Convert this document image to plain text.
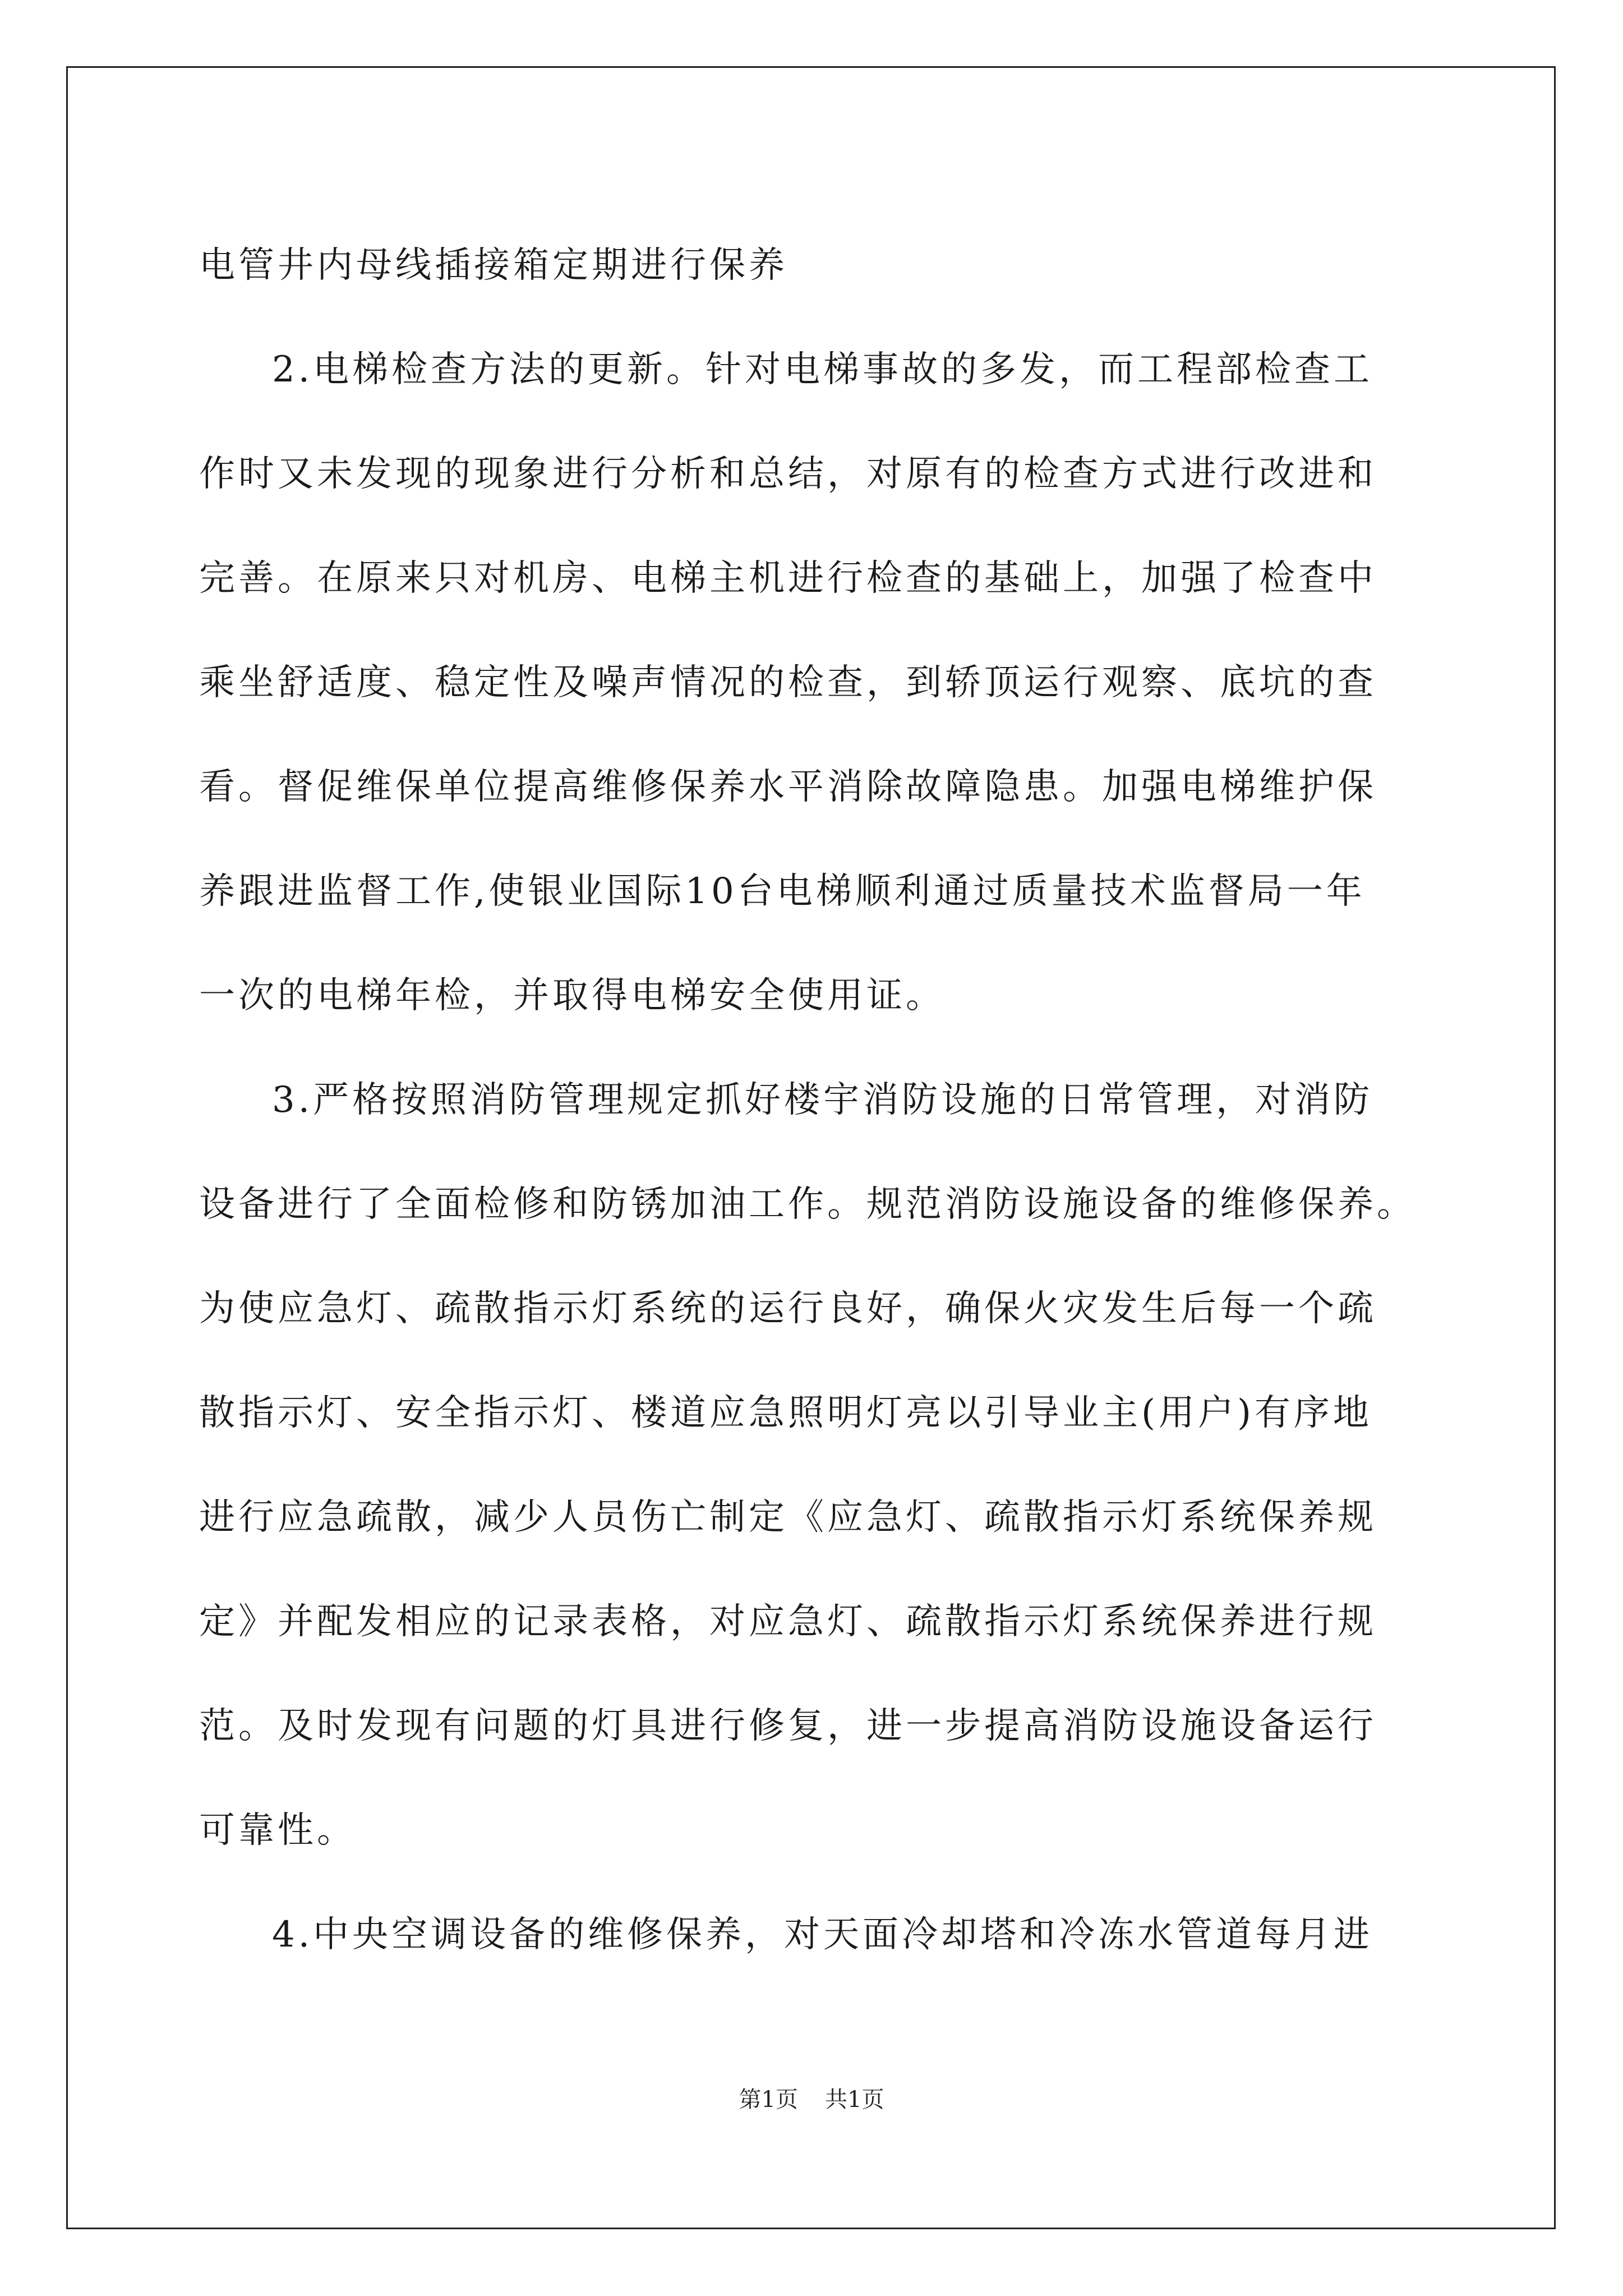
电管井内母线插接箱定期进行保养
2.电梯检查方法的更新。针对电梯事故的多发，而工程部检查工
作时又未发现的现象进行分析和总结，对原有的检查方式进行改进和
完善。在原来只对机房、电梯主机进行检查的基础上，加强了检查中
乘坐舒适度、稳定性及噪声情况的检查，到轿顶运行观察、底坑的查
看。督促维保单位提高维修保养水平消除故障隐患。加强电梯维护保
养跟进监督工作,使银业国际10台电梯顺利通过质量技术监督局一年
一次的电梯年检，并取得电梯安全使用证。
3.严格按照消防管理规定抓好楼宇消防设施的日常管理，对消防
设备进行了全面检修和防锈加油工作。规范消防设施设备的维修保养。
为使应急灯、疏散指示灯系统的运行良好，确保火灾发生后每一个疏
散指示灯、安全指示灯、楼道应急照明灯亮以引导业主(用户)有序地
进行应急疏散，减少人员伤亡制定《应急灯、疏散指示灯系统保养规
定》并配发相应的记录表格，对应急灯、疏散指示灯系统保养进行规
范。及时发现有问题的灯具进行修复，进一步提高消防设施设备运行
可靠性。
4.中央空调设备的维修保养，对天面冷却塔和冷冻水管道每月进
第1页 共1页
